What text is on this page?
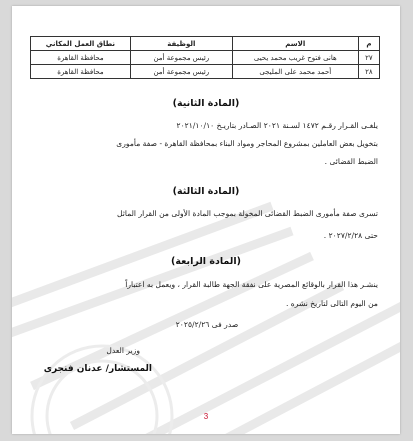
م	الاسم	الوظيفة	نطاق العمل المكاني
٢٧	هانى فتوح غريب محمد يحيى	رئيس مجموعة أمن	محافظة القاهرة
٢٨	أحمد محمد على المليجى	رئيس مجموعة أمن	محافظة القاهرة

(المادة الثانية)

يلغـى القـرار رقـم ١٤٧٢ لسـنة ٢٠٢١ الصـادر بتاريـخ ٢٠٢١/١٠/١٠

بتخويل بعض العاملين بمشروع المحاجر ومواد البناء بمحافظة القاهرة - صفة مأمورى

الضبط القضائى .

(المادة الثالثة)

تسرى صفة مأمورى الضبط القضائى المخولة بموجب المادة الأولى من القرار الماثل

حتى ٢٠٢٧/٢/٢٨ .

(المادة الرابعة)

ينشـر هذا القرار بالوقائع المصرية على نفقة الجهة طالبة القرار ، ويعمل به اعتباراً

من اليوم التالى لتاريخ نشره .

صدر فى ٢٠٢٥/٢/٢٦

وزير العدل
المستشار/ عدنان فنجرى
3
